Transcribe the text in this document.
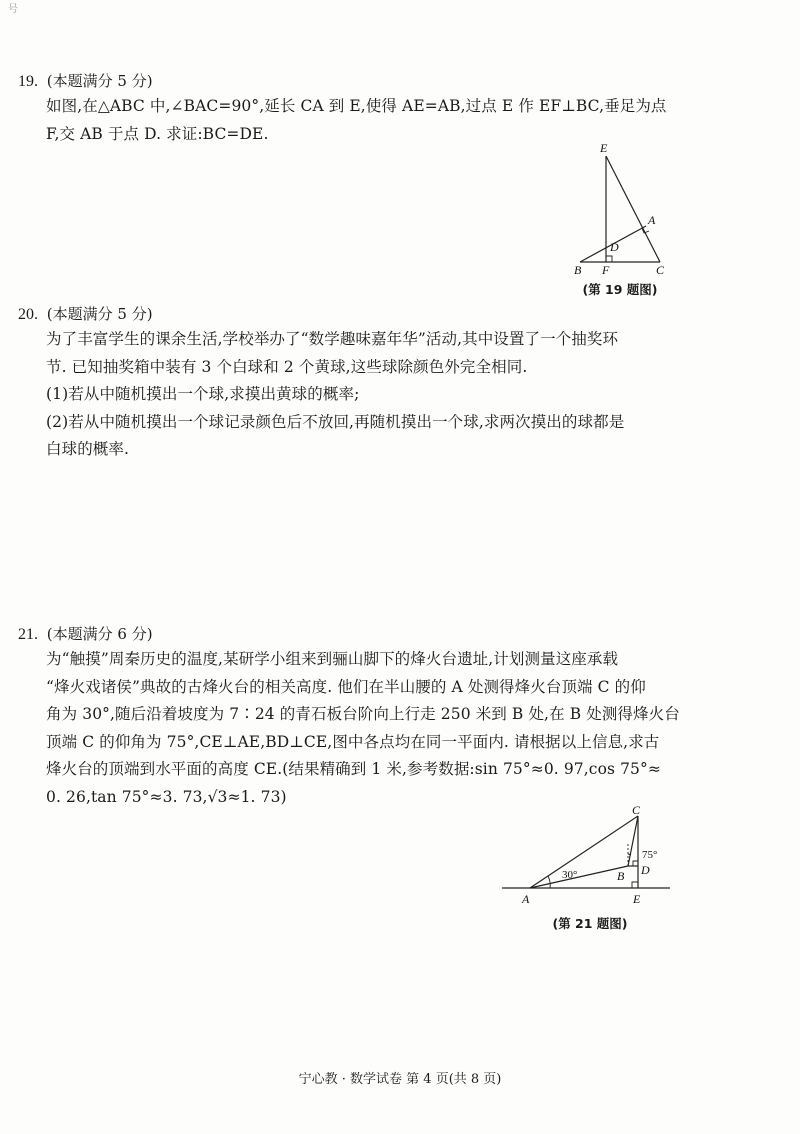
号
19. (本题满分 5 分)
如图,在△ABC 中,∠BAC=90°,延长 CA 到 E,使得 AE=AB,过点 E 作 EF⊥BC,垂足为点
F,交 AB 于点 D. 求证:BC=DE.
E
A
D
B F	C
(第 19 题图)
20. (本题满分 5 分)
为了丰富学生的课余生活,学校举办了“数学趣味嘉年华”活动,其中设置了一个抽奖环
节. 已知抽奖箱中装有 3 个白球和 2 个黄球,这些球除颜色外完全相同.
(1)若从中随机摸出一个球,求摸出黄球的概率;
(2)若从中随机摸出一个球记录颜色后不放回,再随机摸出一个球,求两次摸出的球都是
白球的概率.
21. (本题满分 6 分)
为“触摸”周秦历史的温度,某研学小组来到骊山脚下的烽火台遗址,计划测量这座承载
“烽火戏诸侯”典故的古烽火台的相关高度. 他们在半山腰的 A 处测得烽火台顶端 C 的仰
角为 30°,随后沿着坡度为 7∶24 的青石板台阶向上行走 250 米到 B 处,在 B 处测得烽火台
顶端 C 的仰角为 75°,CE⊥AE,BD⊥CE,图中各点均在同一平面内. 请根据以上信息,求古
烽火台的顶端到水平面的高度 CE.(结果精确到 1 米,参考数据:sin 75°≈0. 97,cos 75°≈
0. 26,tan 75°≈3. 73,√3≈1. 73)
C
B D
A	E
30°
75°
(第 21 题图)
宁心教 · 数学试卷 第 4 页(共 8 页)
